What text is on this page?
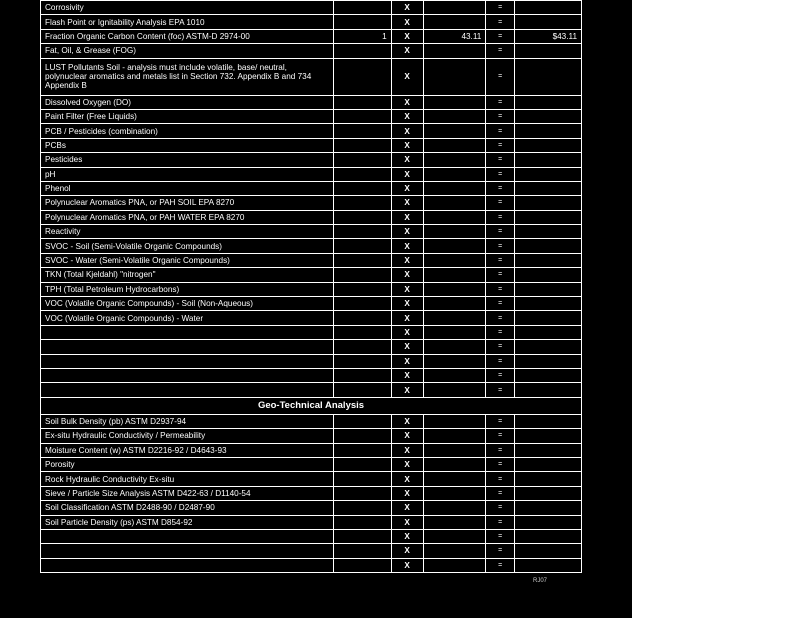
Corrosivity		X		=	
Flash Point or Ignitability Analysis EPA 1010		X		=	
Fraction Organic Carbon Content (foc) ASTM-D 2974-00	1	X	43.11	=	$43.11
Fat, Oil, & Grease (FOG)		X		=	
LUST Pollutants Soil - analysis must include volatile, base/ neutral, polynuclear aromatics and metals list in Section 732. Appendix B and 734 Appendix B		X		=	
Dissolved Oxygen (DO)		X		=	
Paint Filter (Free Liquids)		X		=	
PCB / Pesticides (combination)		X		=	
PCBs		X		=	
Pesticides		X		=	
pH		X		=	
Phenol		X		=	
Polynuclear Aromatics PNA, or PAH SOIL EPA 8270		X		=	
Polynuclear Aromatics PNA, or PAH WATER EPA 8270		X		=	
Reactivity		X		=	
SVOC - Soil (Semi-Volatile Organic Compounds)		X		=	
SVOC - Water (Semi-Volatile Organic Compounds)		X		=	
TKN (Total Kjeldahl) "nitrogen"		X		=	
TPH (Total Petroleum Hydrocarbons)		X		=	
VOC (Volatile Organic Compounds) - Soil (Non-Aqueous)		X		=	
VOC (Volatile Organic Compounds) - Water		X		=	
		X		=	
		X		=	
		X		=	
		X		=	
		X		=	
Geo-Technical Analysis					
Soil Bulk Density (pb) ASTM D2937-94		X		=	
Ex-situ Hydraulic Conductivity / Permeability		X		=	
Moisture Content (w) ASTM D2216-92 / D4643-93		X		=	
Porosity		X		=	
Rock Hydraulic Conductivity Ex-situ		X		=	
Sieve / Particle Size Analysis ASTM D422-63 / D1140-54		X		=	
Soil Classification ASTM D2488-90 / D2487-90		X		=	
Soil Particle Density (ps) ASTM D854-92		X		=	
		X		=	
		X		=	
		X		=	
RJ07
